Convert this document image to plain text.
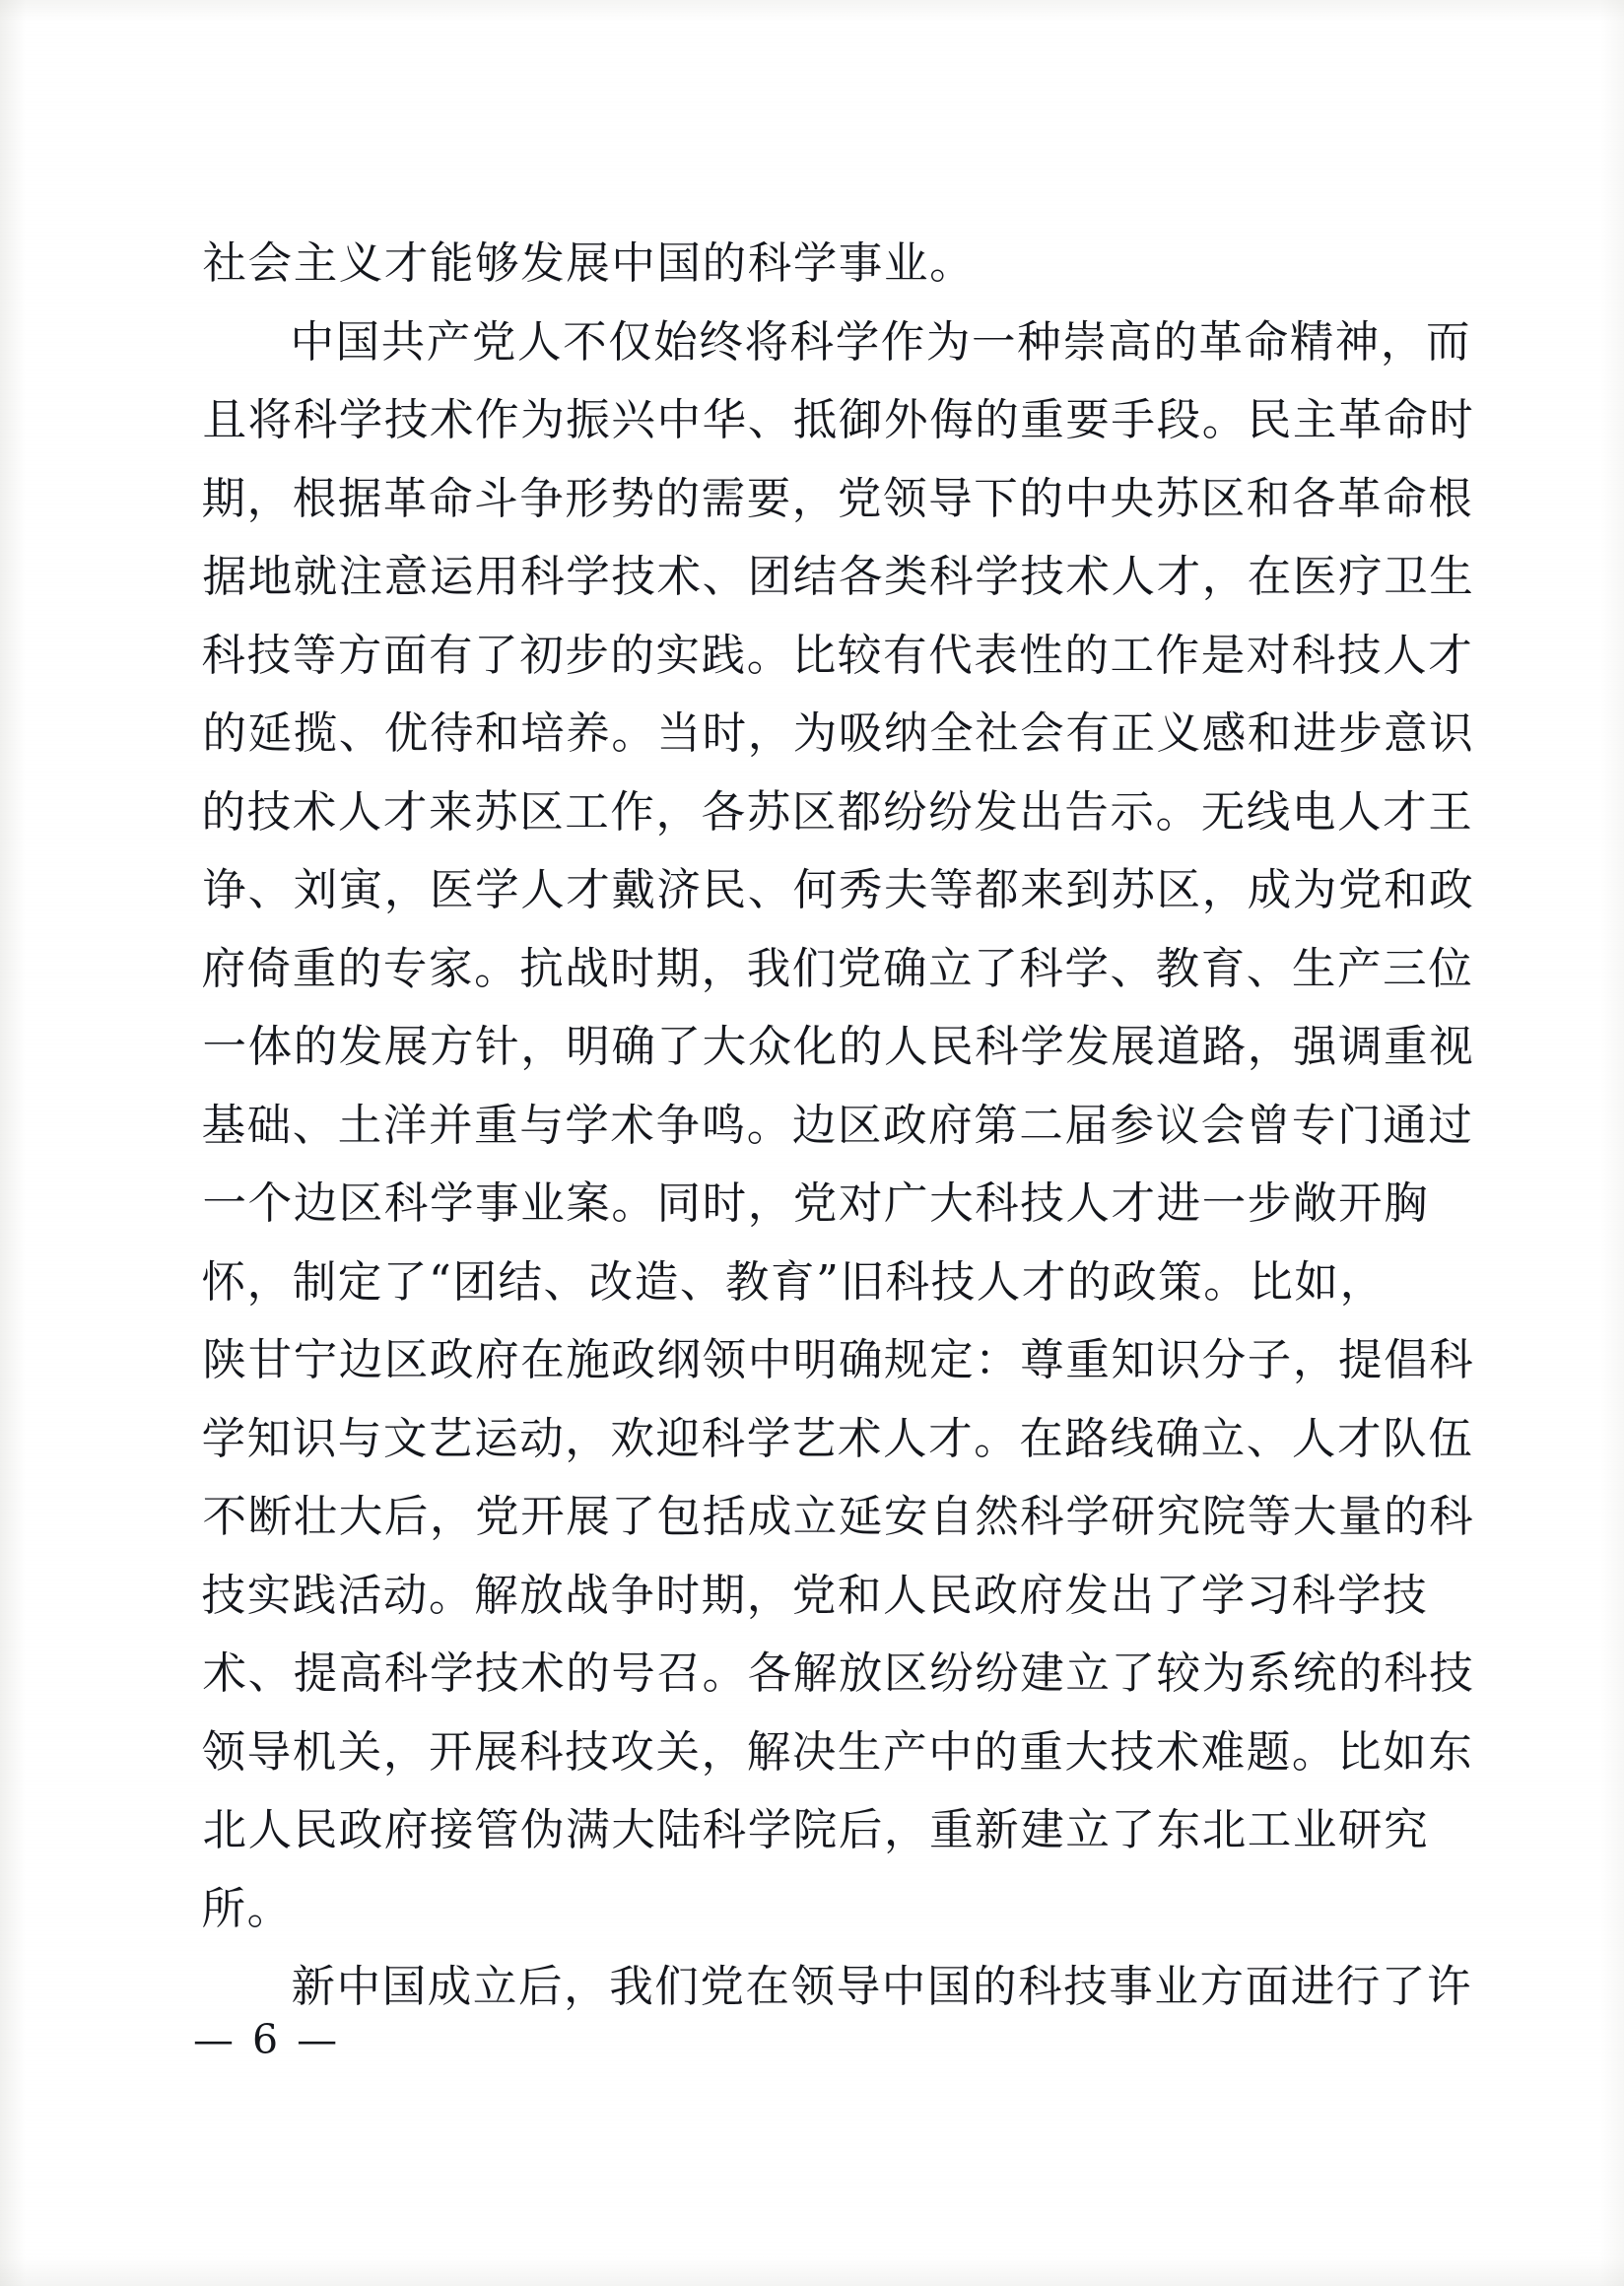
社会主义才能够发展中国的科学事业。
中国共产党人不仅始终将科学作为一种崇高的革命精神，而
且将科学技术作为振兴中华、抵御外侮的重要手段。民主革命时
期，根据革命斗争形势的需要，党领导下的中央苏区和各革命根
据地就注意运用科学技术、团结各类科学技术人才，在医疗卫生
科技等方面有了初步的实践。比较有代表性的工作是对科技人才
的延揽、优待和培养。当时，为吸纳全社会有正义感和进步意识
的技术人才来苏区工作，各苏区都纷纷发出告示。无线电人才王
诤、刘寅，医学人才戴济民、何秀夫等都来到苏区，成为党和政
府倚重的专家。抗战时期，我们党确立了科学、教育、生产三位
一体的发展方针，明确了大众化的人民科学发展道路，强调重视
基础、土洋并重与学术争鸣。边区政府第二届参议会曾专门通过
一个边区科学事业案。同时，党对广大科技人才进一步敞开胸
怀，制定了“团结、改造、教育”旧科技人才的政策。比如，
陕甘宁边区政府在施政纲领中明确规定：尊重知识分子，提倡科
学知识与文艺运动，欢迎科学艺术人才。在路线确立、人才队伍
不断壮大后，党开展了包括成立延安自然科学研究院等大量的科
技实践活动。解放战争时期，党和人民政府发出了学习科学技
术、提高科学技术的号召。各解放区纷纷建立了较为系统的科技
领导机关，开展科技攻关，解决生产中的重大技术难题。比如东
北人民政府接管伪满大陆科学院后，重新建立了东北工业研究
所。
新中国成立后，我们党在领导中国的科技事业方面进行了许
— 6 —
